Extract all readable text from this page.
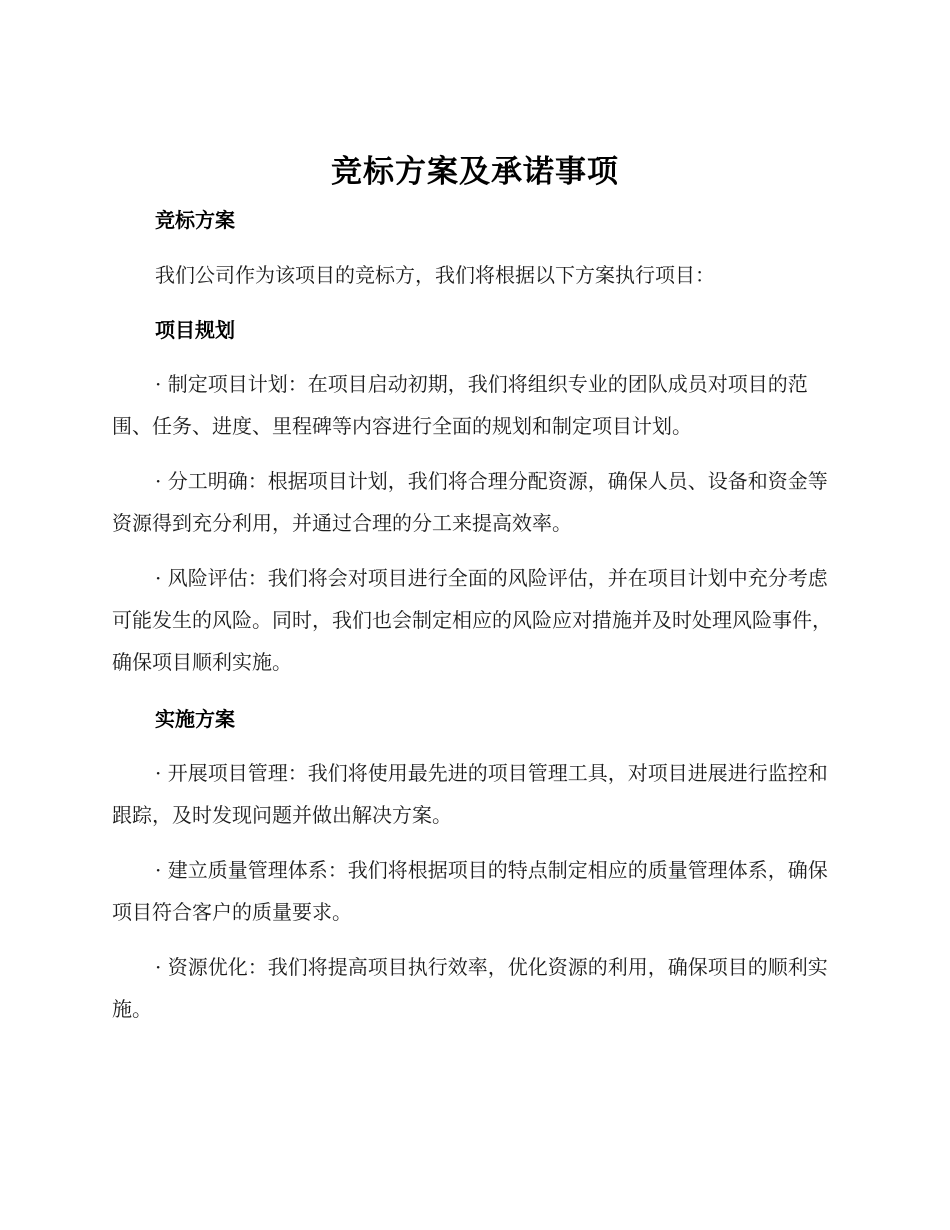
竞标方案及承诺事项
竞标方案

我们公司作为该项目的竞标方，我们将根据以下方案执行项目：

项目规划

· 制定项目计划：在项目启动初期，我们将组织专业的团队成员对项目的范围、任务、进度、里程碑等内容进行全面的规划和制定项目计划。

· 分工明确：根据项目计划，我们将合理分配资源，确保人员、设备和资金等资源得到充分利用，并通过合理的分工来提高效率。

· 风险评估：我们将会对项目进行全面的风险评估，并在项目计划中充分考虑可能发生的风险。同时，我们也会制定相应的风险应对措施并及时处理风险事件，确保项目顺利实施。

实施方案

· 开展项目管理：我们将使用最先进的项目管理工具，对项目进展进行监控和跟踪，及时发现问题并做出解决方案。

· 建立质量管理体系：我们将根据项目的特点制定相应的质量管理体系，确保项目符合客户的质量要求。

· 资源优化：我们将提高项目执行效率，优化资源的利用，确保项目的顺利实施。
